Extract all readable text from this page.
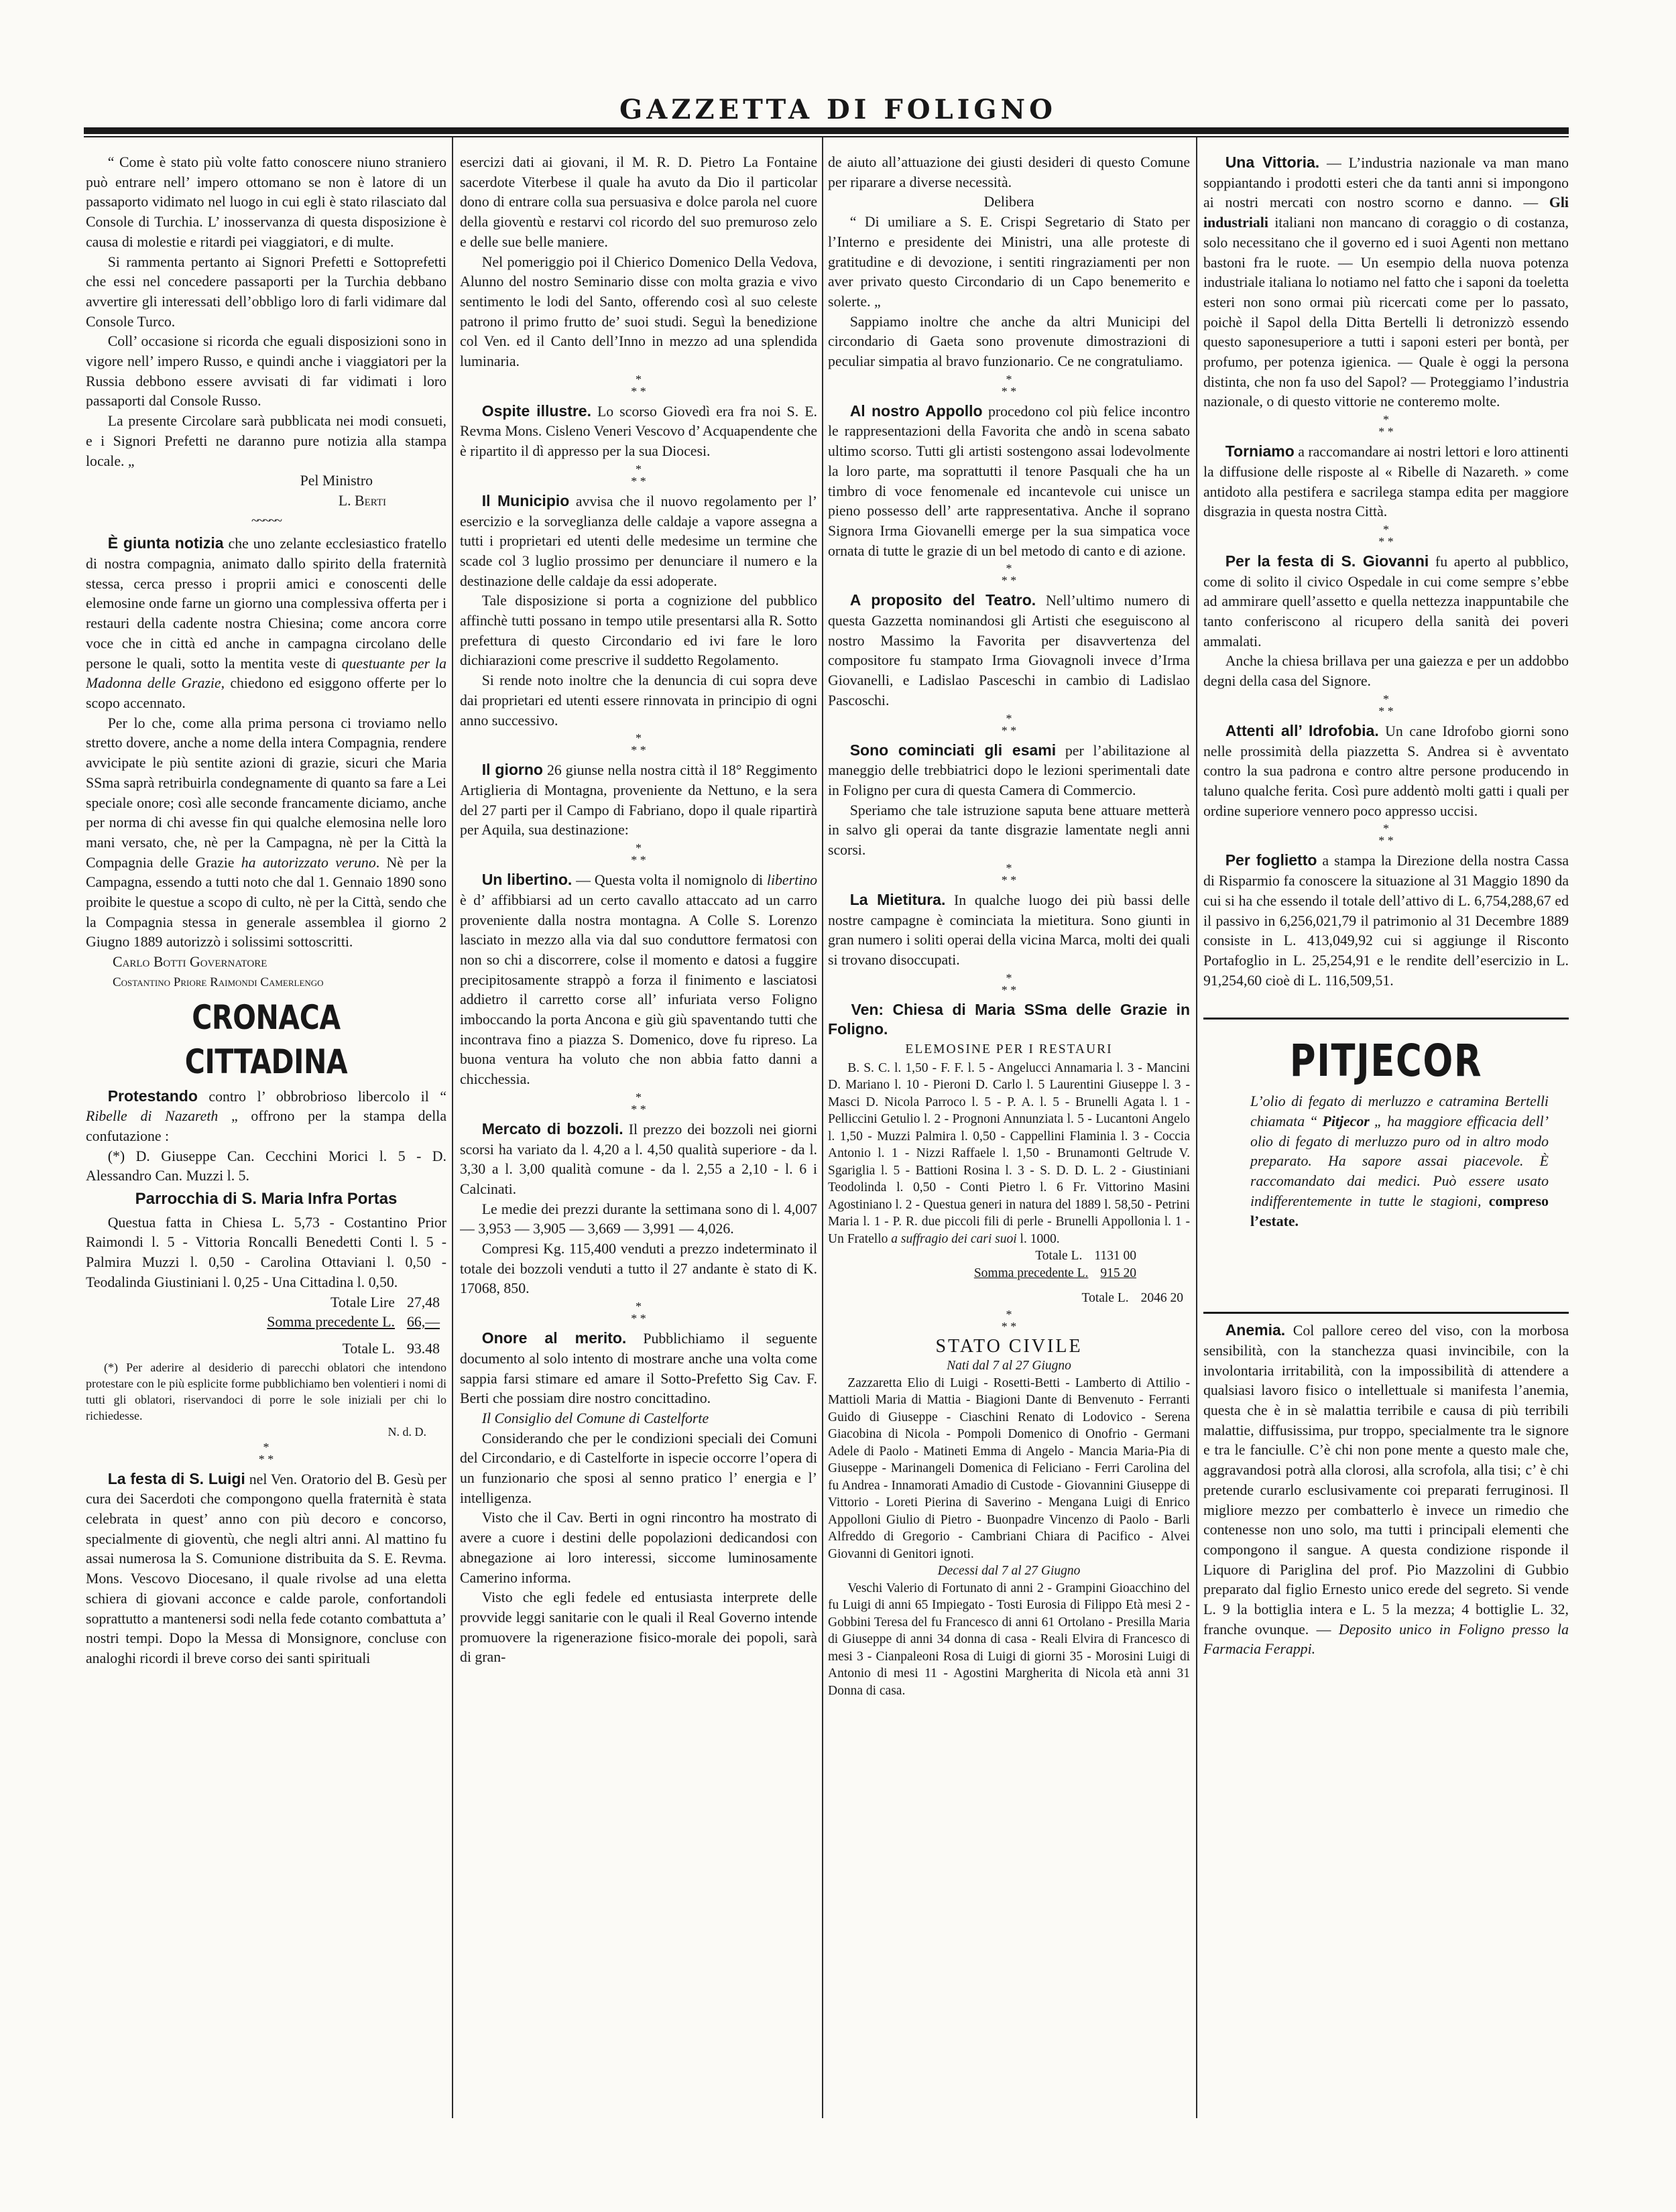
GAZZETTA DI FOLIGNO

“ Come è stato più volte fatto conoscere niuno straniero può entrare nell’ impero ottomano se non è latore di un passaporto vidimato nel luogo in cui egli è stato rilasciato dal Console di Turchia. L’ inosservanza di questa disposizione è causa di molestie e ritardi pei viaggiatori, e di multe.

Si rammenta pertanto ai Signori Prefetti e Sottoprefetti che essi nel concedere passaporti per la Turchia debbano avvertire gli interessati dell’obbligo loro di farli vidimare dal Console Turco.

Coll’ occasione si ricorda che eguali disposizioni sono in vigore nell’ impero Russo, e quindi anche i viaggiatori per la Russia debbono essere avvisati di far vidimati i loro passaporti dal Console Russo.

La presente Circolare sarà pubblicata nei modi consueti, e i Signori Prefetti ne daranno pure notizia alla stampa locale. „

Pel Ministro

L. Berti

~~~~~

È giunta notizia che uno zelante ecclesiastico fratello di nostra compagnia, animato dallo spirito della fraternità stessa, cerca presso i proprii amici e conoscenti delle elemosine onde farne un giorno una complessiva offerta per i restauri della cadente nostra Chiesina; come ancora corre voce che in città ed anche in campagna circolano delle persone le quali, sotto la mentita veste di questuante per la Madonna delle Grazie, chiedono ed esiggono offerte per lo scopo accennato.

Per lo che, come alla prima persona ci troviamo nello stretto dovere, anche a nome della intera Compagnia, rendere avvicipate le più sentite azioni di grazie, sicuri che Maria SSma saprà retribuirla condegnamente di quanto sa fare a Lei speciale onore; così alle seconde francamente diciamo, anche per norma di chi avesse fin qui qualche elemosina nelle loro mani versato, che, nè per la Campagna, nè per la Città la Compagnia delle Grazie ha autorizzato veruno. Nè per la Campagna, essendo a tutti noto che dal 1. Gennaio 1890 sono proibite le questue a scopo di culto, nè per la Città, sendo che la Compagnia stessa in generale assemblea il giorno 2 Giugno 1889 autorizzò i solissimi sottoscritti.

Carlo Botti Governatore

Costantino Priore Raimondi Camerlengo

CRONACA CITTADINA

Protestando contro l’ obbrobrioso libercolo il “ Ribelle di Nazareth „ offrono per la stampa della confutazione :

(*) D. Giuseppe Can. Cecchini Morici l. 5 - D. Alessandro Can. Muzzi l. 5.

Parrocchia di S. Maria Infra Portas

Questua fatta in Chiesa L. 5,73 - Costantino Prior Raimondi l. 5 - Vittoria Roncalli Benedetti Conti l. 5 - Palmira Muzzi l. 0,50 - Carolina Ottaviani l. 0,50 - Teodalinda Giustiniani l. 0,25 - Una Cittadina l. 0,50.

Totale Lire 27,48
Somma precedente L. 66,—
Totale L. 93.48

(*) Per aderire al desiderio di parecchi oblatori che intendono protestare con le più esplicite forme pubblichiamo ben volentieri i nomi di tutti gli oblatori, riservandoci di porre le sole iniziali per chi lo richiedesse.

N. d. D.

*
* *

La festa di S. Luigi nel Ven. Oratorio del B. Gesù per cura dei Sacerdoti che compongono quella fraternità è stata celebrata in quest’ anno con più decoro e concorso, specialmente di gioventù, che negli altri anni. Al mattino fu assai numerosa la S. Comunione distribuita da S. E. Revma. Mons. Vescovo Diocesano, il quale rivolse ad una eletta schiera di giovani acconce e calde parole, confortandoli soprattutto a mantenersi sodi nella fede cotanto combattuta a’ nostri tempi. Dopo la Messa di Monsignore, concluse con analoghi ricordi il breve corso dei santi spirituali

esercizi dati ai giovani, il M. R. D. Pietro La Fontaine sacerdote Viterbese il quale ha avuto da Dio il particolar dono di entrare colla sua persuasiva e dolce parola nel cuore della gioventù e restarvi col ricordo del suo premuroso zelo e delle sue belle maniere.

Nel pomeriggio poi il Chierico Domenico Della Vedova, Alunno del nostro Seminario disse con molta grazia e vivo sentimento le lodi del Santo, offerendo così al suo celeste patrono il primo frutto de’ suoi studi. Seguì la benedizione col Ven. ed il Canto dell’Inno in mezzo ad una splendida luminaria.

*
* *

Ospite illustre. Lo scorso Giovedì era fra noi S. E. Revma Mons. Cisleno Veneri Vescovo d’ Acquapendente che è ripartito il dì appresso per la sua Diocesi.

*
* *

Il Municipio avvisa che il nuovo regolamento per l’ esercizio e la sorveglianza delle caldaje a vapore assegna a tutti i proprietari ed utenti delle medesime un termine che scade col 3 luglio prossimo per denunciare il numero e la destinazione delle caldaje da essi adoperate.

Tale disposizione si porta a cognizione del pubblico affinchè tutti possano in tempo utile presentarsi alla R. Sotto prefettura di questo Circondario ed ivi fare le loro dichiarazioni come prescrive il suddetto Regolamento.

Si rende noto inoltre che la denuncia di cui sopra deve dai proprietari ed utenti essere rinnovata in principio di ogni anno successivo.

*
* *

Il giorno 26 giunse nella nostra città il 18° Reggimento Artiglieria di Montagna, proveniente da Nettuno, e la sera del 27 parti per il Campo di Fabriano, dopo il quale ripartirà per Aquila, sua destinazione:

*
* *

Un libertino. — Questa volta il nomignolo di libertino è d’ affibbiarsi ad un certo cavallo attaccato ad un carro proveniente dalla nostra montagna. A Colle S. Lorenzo lasciato in mezzo alla via dal suo conduttore fermatosi con non so chi a discorrere, colse il momento e datosi a fuggire precipitosamente strappò a forza il finimento e lasciatosi addietro il carretto corse all’ infuriata verso Foligno imboccando la porta Ancona e giù giù spaventando tutti che incontrava fino a piazza S. Domenico, dove fu ripreso. La buona ventura ha voluto che non abbia fatto danni a chicchessia.

*
* *

Mercato di bozzoli. Il prezzo dei bozzoli nei giorni scorsi ha variato da l. 4,20 a l. 4,50 qualità superiore - da l. 3,30 a l. 3,00 qualità comune - da l. 2,55 a 2,10 - l. 6 i Calcinati.

Le medie dei prezzi durante la settimana sono di l. 4,007 — 3,953 — 3,905 — 3,669 — 3,991 — 4,026.

Compresi Kg. 115,400 venduti a prezzo indeterminato il totale dei bozzoli venduti a tutto il 27 andante è stato di K. 17068, 850.

*
* *

Onore al merito. Pubblichiamo il seguente documento al solo intento di mostrare anche una volta come sappia farsi stimare ed amare il Sotto-Prefetto Sig Cav. F. Berti che possiam dire nostro concittadino.

Il Consiglio del Comune di Castelforte

Considerando che per le condizioni speciali dei Comuni del Circondario, e di Castelforte in ispecie occorre l’opera di un funzionario che sposi al senno pratico l’ energia e l’ intelligenza.

Visto che il Cav. Berti in ogni rincontro ha mostrato di avere a cuore i destini delle popolazioni dedicandosi con abnegazione ai loro interessi, siccome luminosamente Camerino informa.

Visto che egli fedele ed entusiasta interprete delle provvide leggi sanitarie con le quali il Real Governo intende promuovere la rigenerazione fisico-morale dei popoli, sarà di gran-

de aiuto all’attuazione dei giusti desideri di questo Comune per riparare a diverse necessità.

Delibera

“ Di umiliare a S. E. Crispi Segretario di Stato per l’Interno e presidente dei Ministri, una alle proteste di gratitudine e di devozione, i sentiti ringraziamenti per non aver privato questo Circondario di un Capo benemerito e solerte. „

Sappiamo inoltre che anche da altri Municipi del circondario di Gaeta sono provenute dimostrazioni di peculiar simpatia al bravo funzionario. Ce ne congratuliamo.

*
* *

Al nostro Appollo procedono col più felice incontro le rappresentazioni della Favorita che andò in scena sabato ultimo scorso. Tutti gli artisti sostengono assai lodevolmente la loro parte, ma soprattutti il tenore Pasquali che ha un timbro di voce fenomenale ed incantevole cui unisce un pieno possesso dell’ arte rappresentativa. Anche il soprano Signora Irma Giovanelli emerge per la sua simpatica voce ornata di tutte le grazie di un bel metodo di canto e di azione.

*
* *

A proposito del Teatro. Nell’ultimo numero di questa Gazzetta nominandosi gli Artisti che eseguiscono al nostro Massimo la Favorita per disavvertenza del compositore fu stampato Irma Giovagnoli invece d’Irma Giovanelli, e Ladislao Pasceschi in cambio di Ladislao Pascoschi.

*
* *

Sono cominciati gli esami per l’abilitazione al maneggio delle trebbiatrici dopo le lezioni sperimentali date in Foligno per cura di questa Camera di Commercio.

Speriamo che tale istruzione saputa bene attuare metterà in salvo gli operai da tante disgrazie lamentate negli anni scorsi.

*
* *

La Mietitura. In qualche luogo dei più bassi delle nostre campagne è cominciata la mietitura. Sono giunti in gran numero i soliti operai della vicina Marca, molti dei quali si trovano disoccupati.

*
* *

Ven: Chiesa di Maria SSma delle Grazie in Foligno.

ELEMOSINE PER I RESTAURI

B. S. C. l. 1,50 - F. F. l. 5 - Angelucci Annamaria l. 3 - Mancini D. Mariano l. 10 - Pieroni D. Carlo l. 5 Laurentini Giuseppe l. 3 - Masci D. Nicola Parroco l. 5 - P. A. l. 5 - Brunelli Agata l. 1 - Pelliccini Getulio l. 2 - Prognoni Annunziata l. 5 - Lucantoni Angelo l. 1,50 - Muzzi Palmira l. 0,50 - Cappellini Flaminia l. 3 - Coccia Antonio l. 1 - Nizzi Raffaele l. 1,50 - Brunamonti Geltrude V. Sgariglia l. 5 - Battioni Rosina l. 3 - S. D. D. L. 2 - Giustiniani Teodolinda l. 0,50 - Conti Pietro l. 6 Fr. Vittorino Masini Agostiniano l. 2 - Questua generi in natura del 1889 l. 58,50 - Petrini Maria l. 1 - P. R. due piccoli fili di perle - Brunelli Appollonia l. 1 - Un Fratello a suffragio dei cari suoi l. 1000.

Totale L. 1131 00
Somma precedente L. 915 20
Totale L. 2046 20
*
* *

STATO CIVILE

Nati dal 7 al 27 Giugno

Zazzaretta Elio di Luigi - Rosetti-Betti - Lamberto di Attilio - Mattioli Maria di Mattia - Biagioni Dante di Benvenuto - Ferranti Guido di Giuseppe - Ciaschini Renato di Lodovico - Serena Giacobina di Nicola - Pompoli Domenico di Onofrio - Germani Adele di Paolo - Matineti Emma di Angelo - Mancia Maria-Pia di Giuseppe - Marinangeli Domenica di Feliciano - Ferri Carolina del fu Andrea - Innamorati Amadio di Custode - Giovannini Giuseppe di Vittorio - Loreti Pierina di Saverino - Mengana Luigi di Enrico Appolloni Giulio di Pietro - Buonpadre Vincenzo di Paolo - Barli Alfreddo di Gregorio - Cambriani Chiara di Pacifico - Alvei Giovanni di Genitori ignoti.

Decessi dal 7 al 27 Giugno

Veschi Valerio di Fortunato di anni 2 - Grampini Gioacchino del fu Luigi di anni 65 Impiegato - Tosti Eurosia di Filippo Età mesi 2 - Gobbini Teresa del fu Francesco di anni 61 Ortolano - Presilla Maria di Giuseppe di anni 34 donna di casa - Reali Elvira di Francesco di mesi 3 - Cianpaleoni Rosa di Luigi di giorni 35 - Morosini Luigi di Antonio di mesi 11 - Agostini Margherita di Nicola età anni 31 Donna di casa.

Una Vittoria. — L’industria nazionale va man mano soppiantando i prodotti esteri che da tanti anni si impongono ai nostri mercati con nostro scorno e danno. — Gli industriali italiani non mancano di coraggio o di costanza, solo necessitano che il governo ed i suoi Agenti non mettano bastoni fra le ruote. — Un esempio della nuova potenza industriale italiana lo notiamo nel fatto che i saponi da toeletta esteri non sono ormai più ricercati come per lo passato, poichè il Sapol della Ditta Bertelli li detronizzò essendo questo saponesuperiore a tutti i saponi esteri per bontà, per profumo, per potenza igienica. — Quale è oggi la persona distinta, che non fa uso del Sapol? — Proteggiamo l’industria nazionale, o di questo vittorie ne conteremo molte.

*
* *

Torniamo a raccomandare ai nostri lettori e loro attinenti la diffusione delle risposte al « Ribelle di Nazareth. » come antidoto alla pestifera e sacrilega stampa edita per maggiore disgrazia in questa nostra Città.

*
* *

Per la festa di S. Giovanni fu aperto al pubblico, come di solito il civico Ospedale in cui come sempre s’ebbe ad ammirare quell’assetto e quella nettezza inappuntabile che tanto conferiscono al ricupero della sanità dei poveri ammalati.

Anche la chiesa brillava per una gaiezza e per un addobbo degni della casa del Signore.

*
* *

Attenti all’ Idrofobia. Un cane Idrofobo giorni sono nelle prossimità della piazzetta S. Andrea si è avventato contro la sua padrona e contro altre persone producendo in taluno qualche ferita. Così pure addentò molti gatti i quali per ordine superiore vennero poco appresso uccisi.

*
* *

Per foglietto a stampa la Direzione della nostra Cassa di Risparmio fa conoscere la situazione al 31 Maggio 1890 da cui si ha che essendo il totale dell’attivo di L. 6,754,288,67 ed il passivo in 6,256,021,79 il patrimonio al 31 Decembre 1889 consiste in L. 413,049,92 cui si aggiunge il Risconto Portafoglio in L. 25,254,91 e le rendite dell’esercizio in L. 91,254,60 cioè di L. 116,509,51.

PITJECOR

L’olio di fegato di merluzzo e catramina Bertelli chiamata “ Pitjecor „ ha maggiore efficacia dell’ olio di fegato di merluzzo puro od in altro modo preparato. Ha sapore assai piacevole. È raccomandato dai medici. Può essere usato indifferentemente in tutte le stagioni, compreso l’estate.

Anemia. Col pallore cereo del viso, con la morbosa sensibilità, con la stanchezza quasi invincibile, con la involontaria irritabilità, con la impossibilità di attendere a qualsiasi lavoro fisico o intellettuale si manifesta l’anemia, questa che è in sè malattia terribile e causa di più terribili malattie, diffusissima, pur troppo, specialmente tra le signore e tra le fanciulle. C’è chi non pone mente a questo male che, aggravandosi potrà alla clorosi, alla scrofola, alla tisi; c’ è chi pretende curarlo esclusivamente coi preparati ferruginosi. Il migliore mezzo per combatterlo è invece un rimedio che contenesse non uno solo, ma tutti i principali elementi che compongono il sangue. A questa condizione risponde il Liquore di Pariglina del prof. Pio Mazzolini di Gubbio preparato dal figlio Ernesto unico erede del segreto. Si vende L. 9 la bottiglia intera e L. 5 la mezza; 4 bottiglie L. 32, franche ovunque. — Deposito unico in Foligno presso la Farmacia Ferappi.
